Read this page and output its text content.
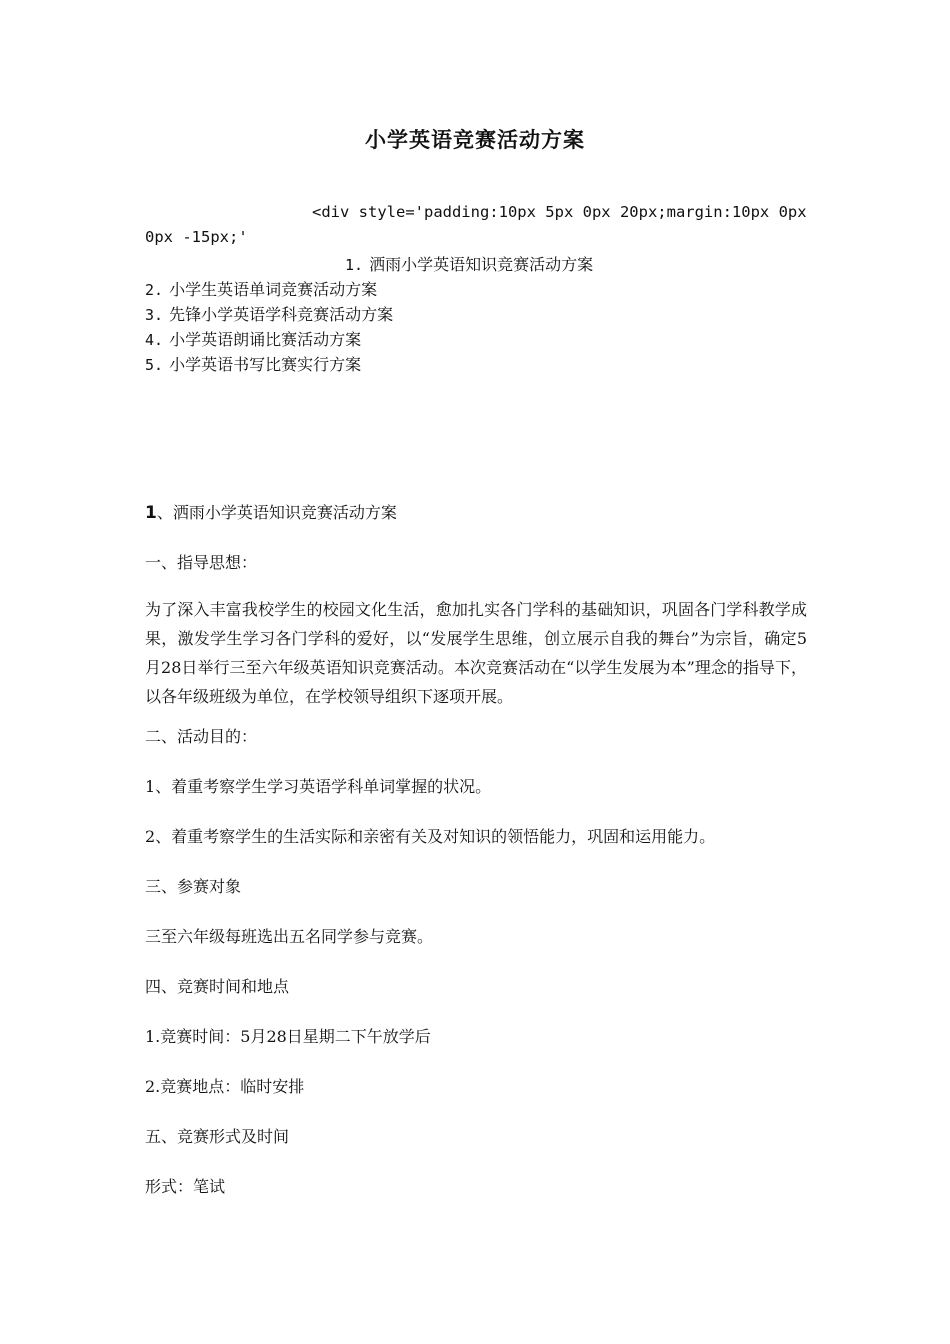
小学英语竞赛活动方案
<div style='padding:10px 5px 0px 20px;margin:10px 0px
0px -15px;'
1. 洒雨小学英语知识竞赛活动方案
2. 小学生英语单词竞赛活动方案
3. 先锋小学英语学科竞赛活动方案
4. 小学英语朗诵比赛活动方案
5. 小学英语书写比赛实行方案
1、洒雨小学英语知识竞赛活动方案
一、指导思想：
为了深入丰富我校学生的校园文化生活，愈加扎实各门学科的基础知识，巩固各门学科教学成果，激发学生学习各门学科的爱好，以“发展学生思维，创立展示自我的舞台”为宗旨，确定5月28日举行三至六年级英语知识竞赛活动。本次竞赛活动在“以学生发展为本”理念的指导下，以各年级班级为单位，在学校领导组织下逐项开展。
二、活动目的：
1、着重考察学生学习英语学科单词掌握的状况。
2、着重考察学生的生活实际和亲密有关及对知识的领悟能力，巩固和运用能力。
三、参赛对象
三至六年级每班选出五名同学参与竞赛。
四、竞赛时间和地点
1.竞赛时间：5月28日星期二下午放学后
2.竞赛地点：临时安排
五、竞赛形式及时间
形式：笔试
